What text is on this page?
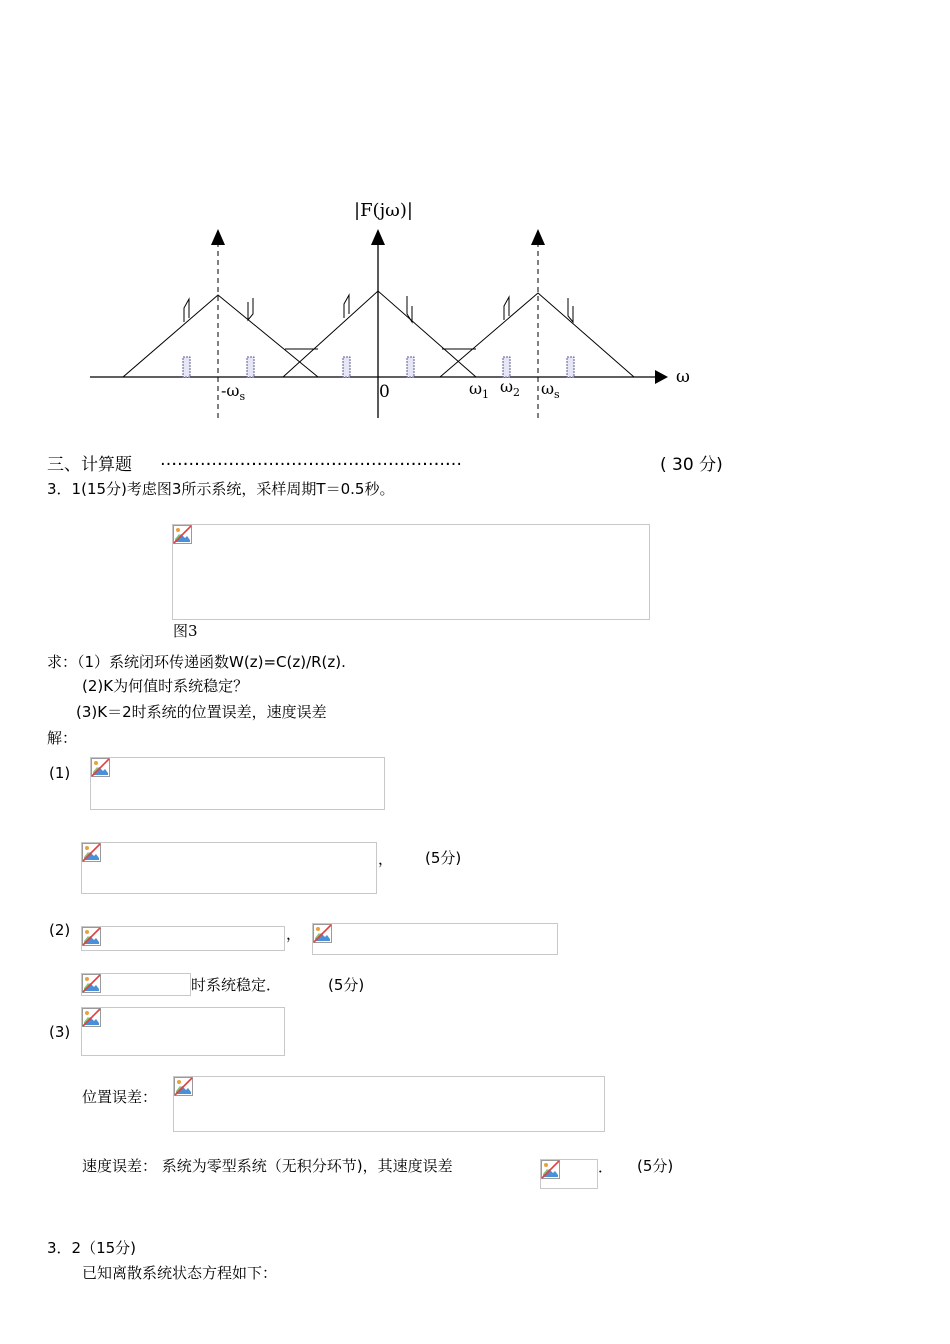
|F(jω)|
ω
$-\omega_s$	0	$\omega_1$ $\omega_2$ $\omega_s$
三、计算题 ……………………………………………………………………	( 30 分)
3．1(15分)考虑图3所示系统，采样周期T＝0.5秒。
图3
求：（1）系统闭环传递函数W(z)=C(z)/R(z).
(2)K为何值时系统稳定？
(3)K＝2时系统的位置误差，速度误差
解：
(1)
， (5分)
(2)	，
时系统稳定．	(5分)
(3)
位置误差：
速度误差： 系统为零型系统（无积分环节)，其速度误差	． (5分)
3．2（15分)
已知离散系统状态方程如下：
